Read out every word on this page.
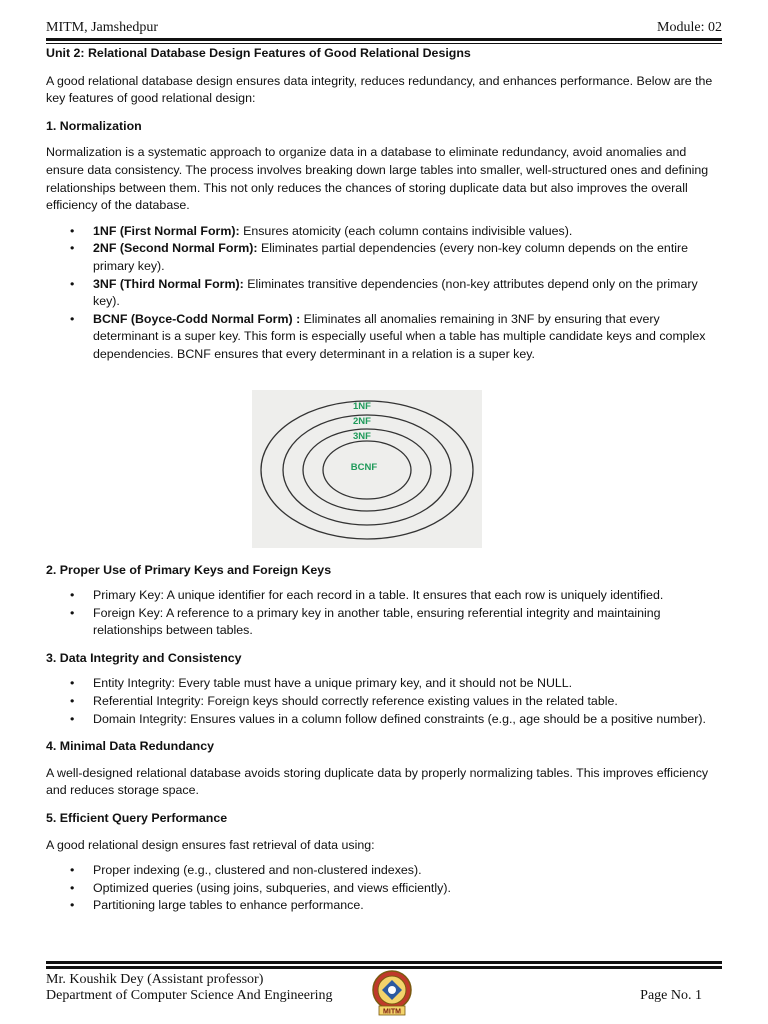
MITM, Jamshedpur	Module: 02

Unit 2: Relational Database Design Features of Good Relational Designs

A good relational database design ensures data integrity, reduces redundancy, and enhances performance. Below are the key features of good relational design:

1. Normalization

Normalization is a systematic approach to organize data in a database to eliminate redundancy, avoid anomalies and ensure data consistency. The process involves breaking down large tables into smaller, well-structured ones and defining relationships between them. This not only reduces the chances of storing duplicate data but also improves the overall efficiency of the database.

• 1NF (First Normal Form): Ensures atomicity (each column contains indivisible values).
• 2NF (Second Normal Form): Eliminates partial dependencies (every non-key column depends on the entire primary key).
• 3NF (Third Normal Form): Eliminates transitive dependencies (non-key attributes depend only on the primary key).
• BCNF (Boyce-Codd Normal Form) : Eliminates all anomalies remaining in 3NF by ensuring that every determinant is a super key. This form is especially useful when a table has multiple candidate keys and complex dependencies. BCNF ensures that every determinant in a relation is a super key.
1NF
2NF
3NF
BCNF
2. Proper Use of Primary Keys and Foreign Keys
• Primary Key: A unique identifier for each record in a table. It ensures that each row is uniquely identified.
• Foreign Key: A reference to a primary key in another table, ensuring referential integrity and maintaining relationships between tables.
3. Data Integrity and Consistency
• Entity Integrity: Every table must have a unique primary key, and it should not be NULL.
• Referential Integrity: Foreign keys should correctly reference existing values in the related table.
• Domain Integrity: Ensures values in a column follow defined constraints (e.g., age should be a positive number).
4. Minimal Data Redundancy

A well-designed relational database avoids storing duplicate data by properly normalizing tables. This improves efficiency and reduces storage space.

5. Efficient Query Performance

A good relational design ensures fast retrieval of data using:

• Proper indexing (e.g., clustered and non-clustered indexes).
• Optimized queries (using joins, subqueries, and views efficiently).
• Partitioning large tables to enhance performance.
Mr. Koushik Dey (Assistant professor)
Department of Computer Science And Engineering
MITM
Page No. 1
